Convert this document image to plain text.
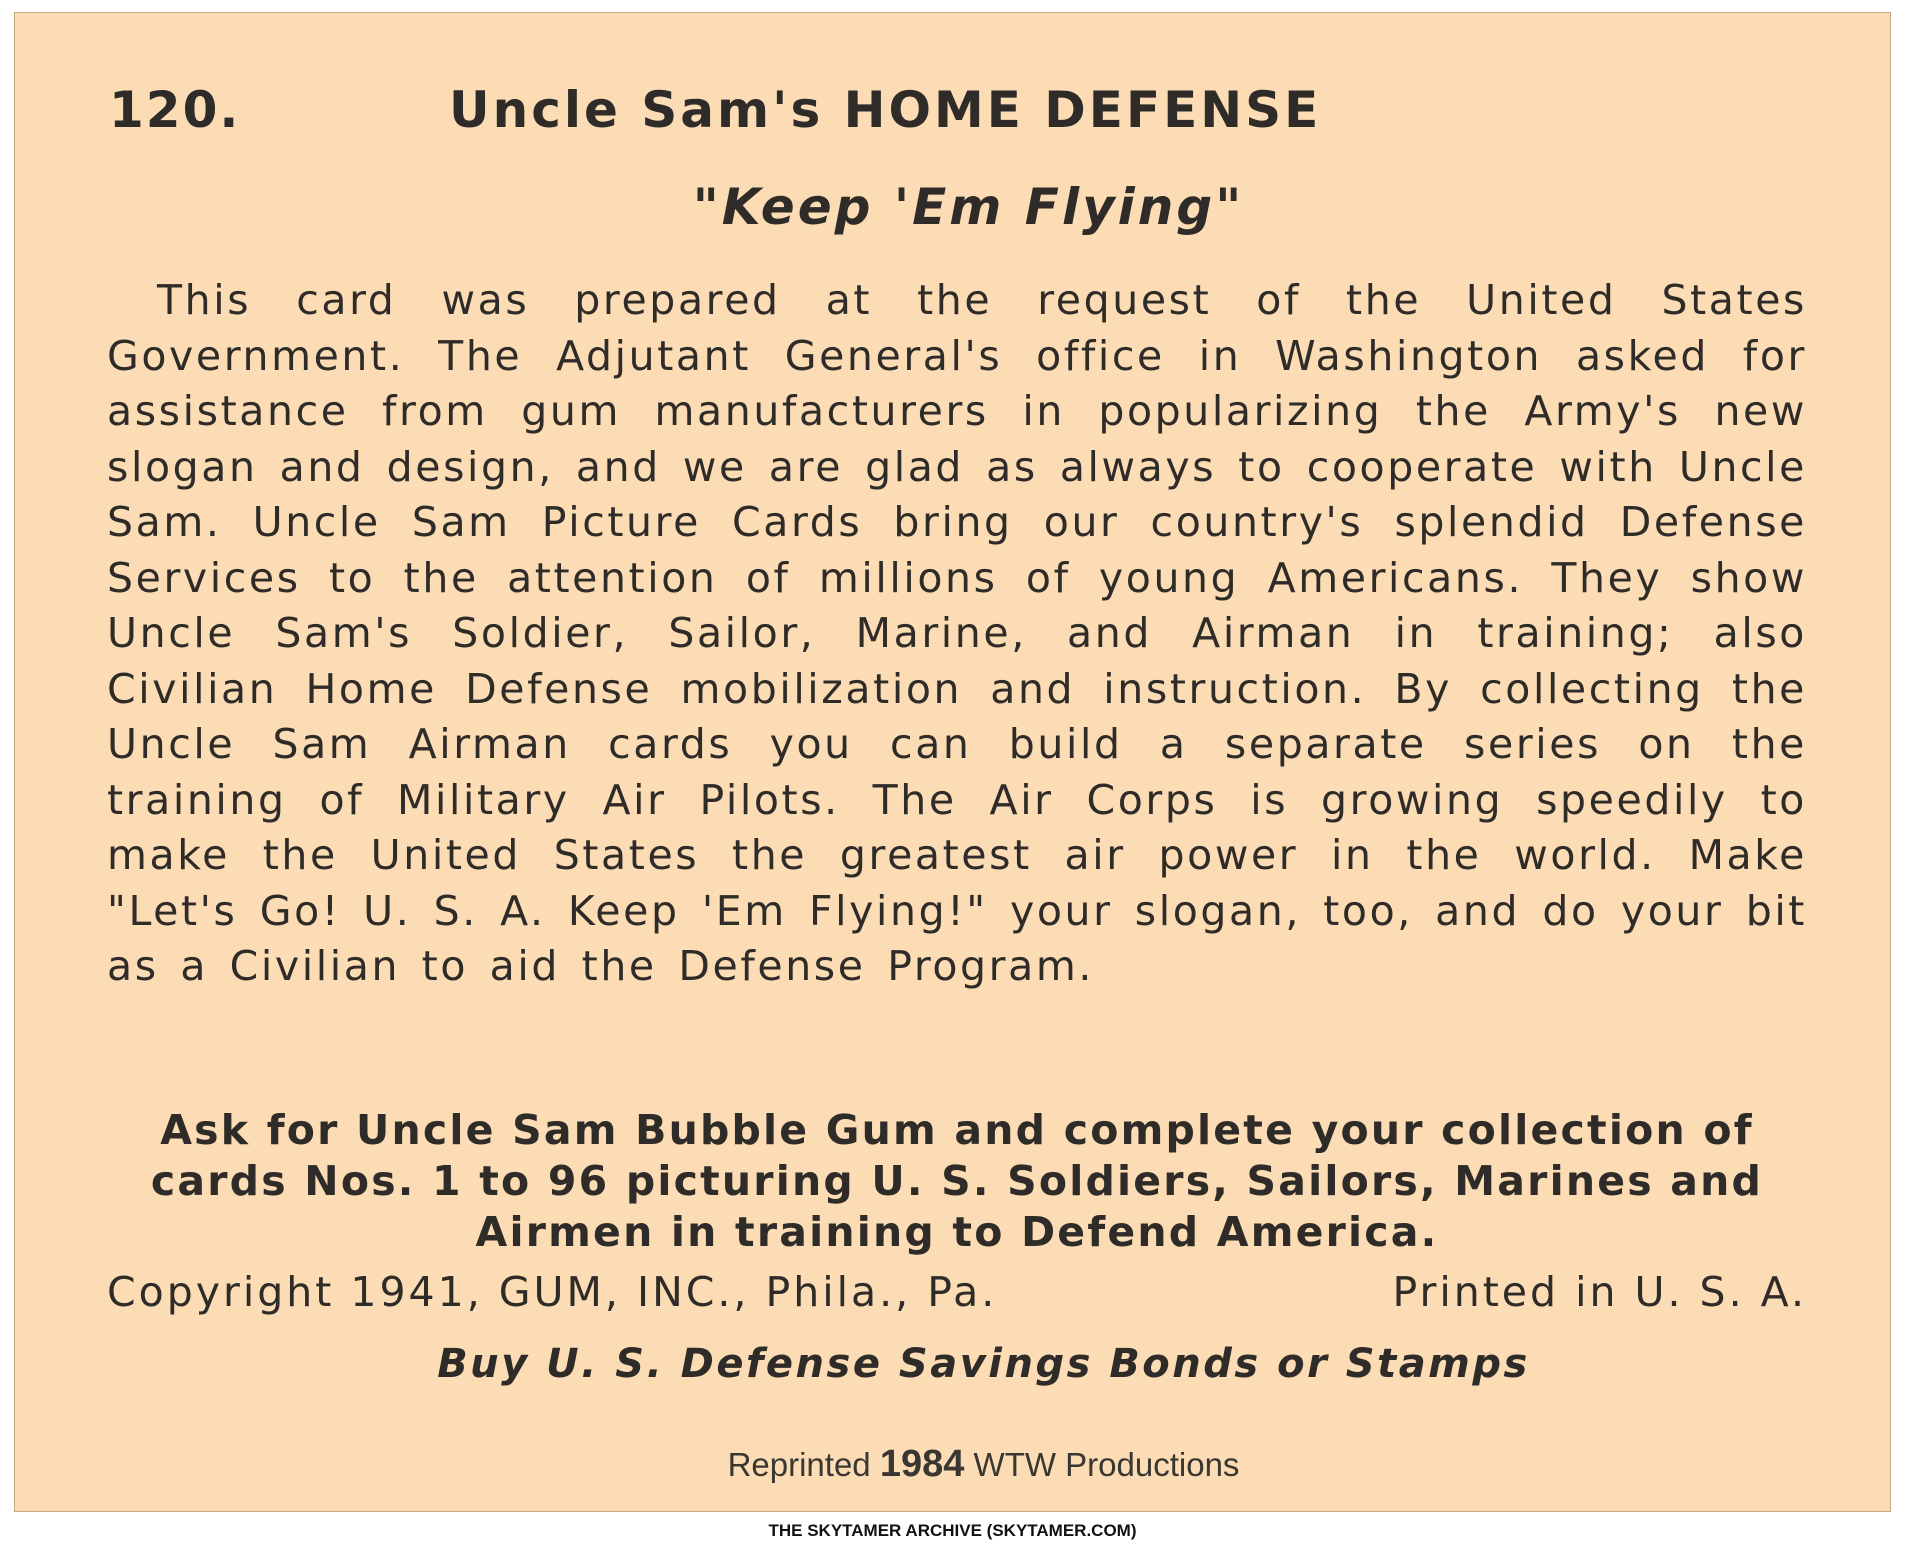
120.	Uncle Sam's HOME DEFENSE
"Keep 'Em Flying"

This card was prepared at the request of the United States Government. The Adjutant General's office in Washington asked for assistance from gum manufacturers in popularizing the Army's new slogan and design, and we are glad as always to cooperate with Uncle Sam. Uncle Sam Picture Cards bring our country's splendid Defense Services to the attention of millions of young Americans. They show Uncle Sam's Soldier, Sailor, Marine, and Airman in training; also Civilian Home Defense mobilization and instruction. By collecting the Uncle Sam Airman cards you can build a separate series on the training of Military Air Pilots. The Air Corps is growing speedily to make the United States the greatest air power in the world. Make "Let's Go! U. S. A. Keep 'Em Flying!" your slogan, too, and do your bit as a Civilian to aid the Defense Program.

Ask for Uncle Sam Bubble Gum and complete your collection of cards Nos. 1 to 96 picturing U. S. Soldiers, Sailors, Marines and Airmen in training to Defend America.

Copyright 1941, GUM, INC., Phila., Pa.	Printed in U. S. A.
Buy U. S. Defense Savings Bonds or Stamps
Reprinted 1984 WTW Productions
THE SKYTAMER ARCHIVE (SKYTAMER.COM)
